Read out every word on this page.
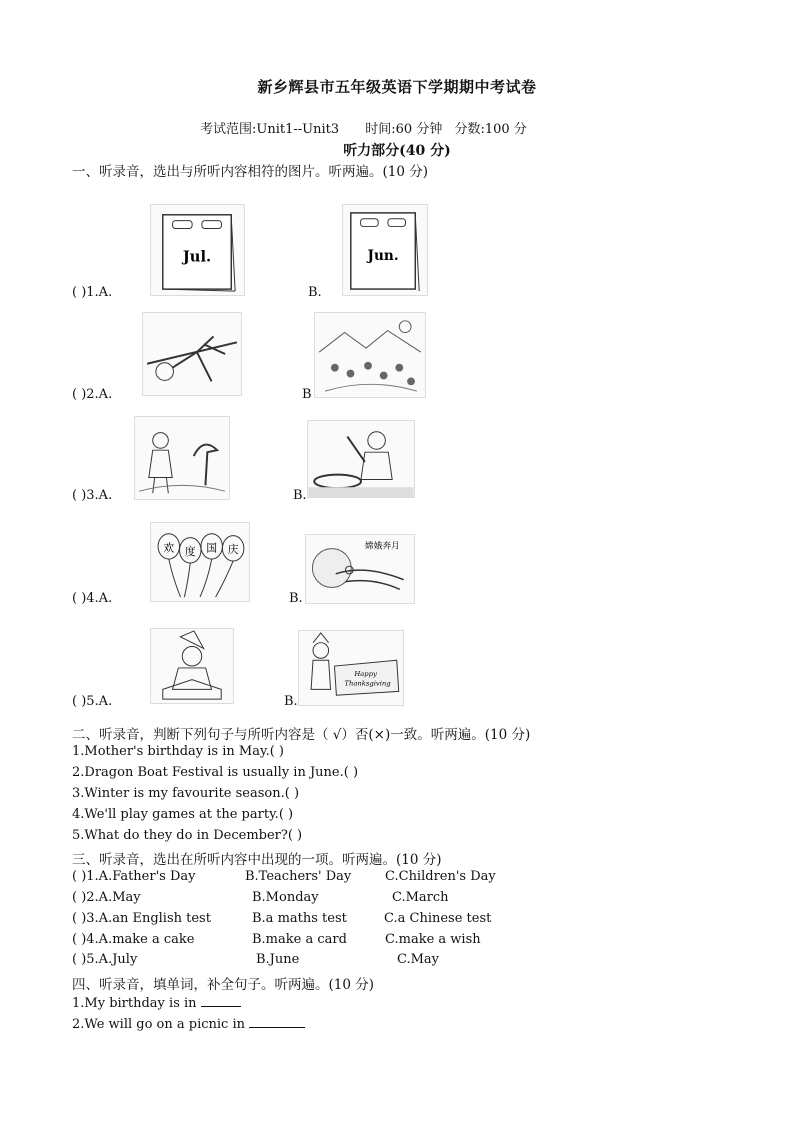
新乡辉县市五年级英语下学期期中考试卷
考试范围:Unit1--Unit3 时间:60 分钟 分数:100 分
听力部分(40 分)
一、听录音，选出与所听内容相符的图片。听两遍。(10 分)
( )1.A.	B.
Jul.	Jun.
( )2.A.	B
( )3.A.	B.
( )4.A.	B.
欢 度 国 庆	嫦娥奔月
( )5.A.	B.
Happy
Thanksgiving
二、听录音，判断下列句子与所听内容是（ √）否(×)一致。听两遍。(10 分)
1.Mother's birthday is in May.( )
2.Dragon Boat Festival is usually in June.( )
3.Winter is my favourite season.( )
4.We'll play games at the party.( )
5.What do they do in December?( )
三、听录音，选出在所听内容中出现的一项。听两遍。(10 分)
( )1.A.Father's Day	B.Teachers' Day	C.Children's Day
( )2.A.May	B.Monday	C.March
( )3.A.an English test	B.a maths test	C.a Chinese test
( )4.A.make a cake	B.make a card	C.make a wish
( )5.A.July	B.June	C.May
四、听录音，填单词，补全句子。听两遍。(10 分)
1.My birthday is in
2.We will go on a picnic in
